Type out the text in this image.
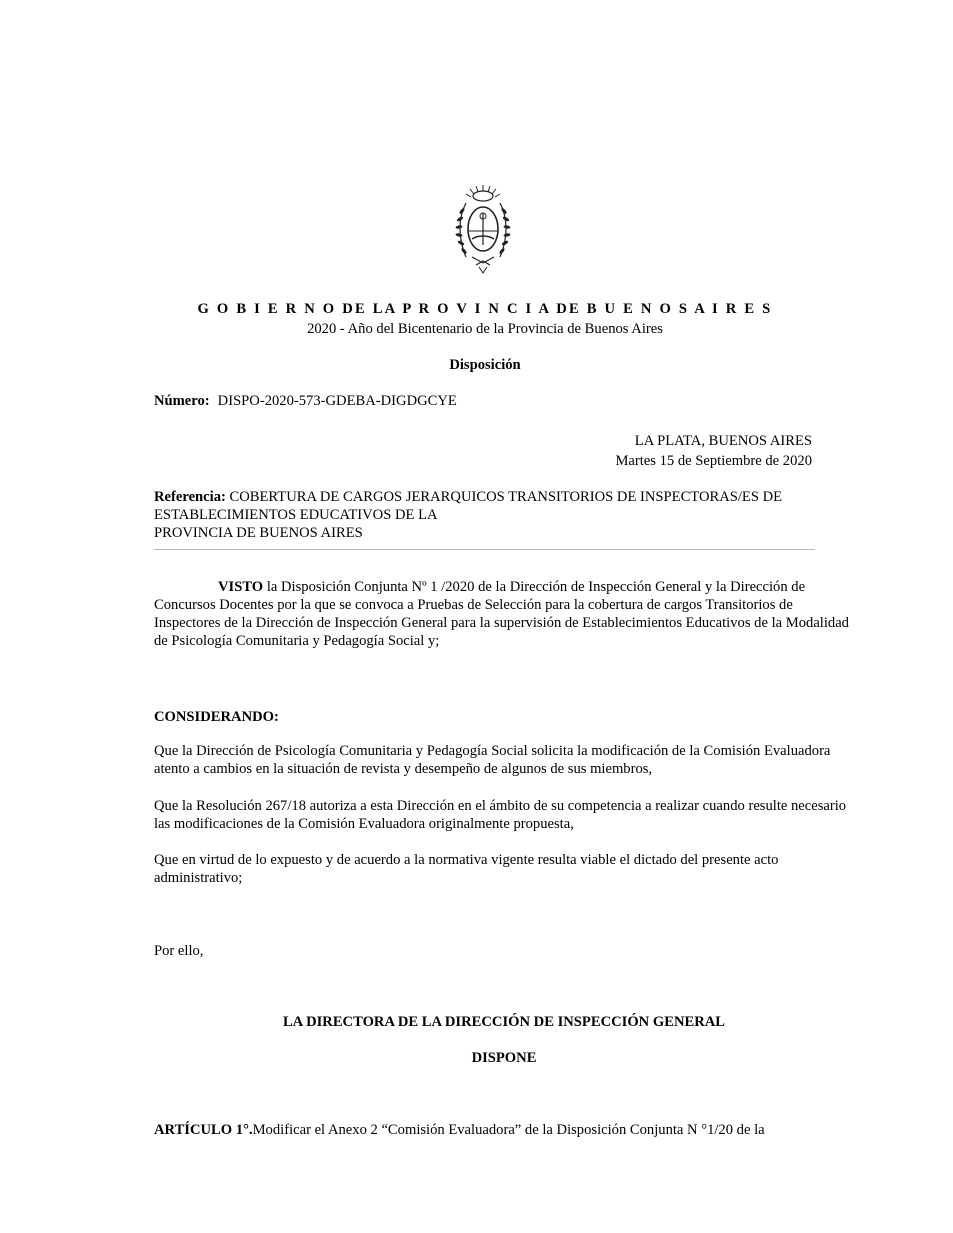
G O B I E R N O DE LA P R O V I N C I A DE B U E N O S A I R E S
2020 - Año del Bicentenario de la Provincia de Buenos Aires
Disposición
Número: DISPO-2020-573-GDEBA-DIGDGCYE
LA PLATA, BUENOS AIRES
Martes 15 de Septiembre de 2020
Referencia: COBERTURA DE CARGOS JERARQUICOS TRANSITORIOS DE INSPECTORAS/ES DE
ESTABLECIMIENTOS EDUCATIVOS DE LA
PROVINCIA DE BUENOS AIRES
VISTO la Disposición Conjunta Nº 1 /2020 de la Dirección de Inspección General y la Dirección de Concursos Docentes por la que se convoca a Pruebas de Selección para la cobertura de cargos Transitorios de Inspectores de la Dirección de Inspección General para la supervisión de Establecimientos Educativos de la Modalidad de Psicología Comunitaria y Pedagogía Social y;
CONSIDERANDO:
Que la Dirección de Psicología Comunitaria y Pedagogía Social solicita la modificación de la Comisión Evaluadora atento a cambios en la situación de revista y desempeño de algunos de sus miembros,
Que la Resolución 267/18 autoriza a esta Dirección en el ámbito de su competencia a realizar cuando resulte necesario las modificaciones de la Comisión Evaluadora originalmente propuesta,
Que en virtud de lo expuesto y de acuerdo a la normativa vigente resulta viable el dictado del presente acto administrativo;
Por ello,
LA DIRECTORA DE LA DIRECCIÓN DE INSPECCIÓN GENERAL
DISPONE
ARTÍCULO 1°.Modificar el Anexo 2 “Comisión Evaluadora” de la Disposición Conjunta N °1/20 de la
